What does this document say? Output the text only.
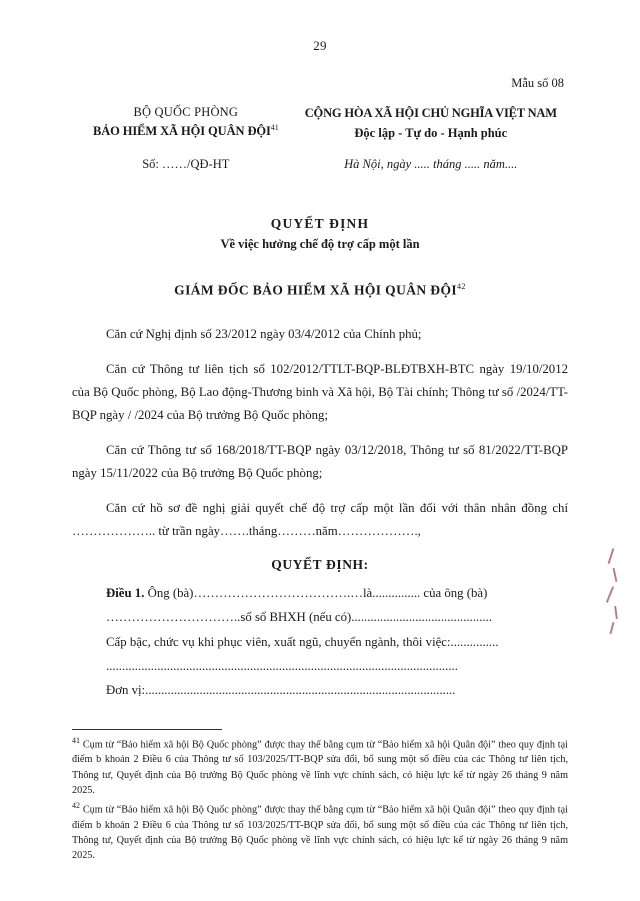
29
Mẫu số 08
BỘ QUỐC PHÒNG
BẢO HIỂM XÃ HỘI QUÂN ĐỘI$^{41}$
CỘNG HÒA XÃ HỘI CHỦ NGHĨA VIỆT NAM
Độc lập - Tự do - Hạnh phúc
Số: ……/QĐ-HT	Hà Nội, ngày ..... tháng ..... năm....
QUYẾT ĐỊNH
Về việc hưởng chế độ trợ cấp một lần
GIÁM ĐỐC BẢO HIỂM XÃ HỘI QUÂN ĐỘI$^{42}$

Căn cứ Nghị định số 23/2012 ngày 03/4/2012 của Chính phủ;

Căn cứ Thông tư liên tịch số 102/2012/TTLT-BQP-BLĐTBXH-BTC ngày 19/10/2012 của Bộ Quốc phòng, Bộ Lao động-Thương binh và Xã hội, Bộ Tài chính; Thông tư số /2024/TT-BQP ngày / /2024 của Bộ trưởng Bộ Quốc phòng;

Căn cứ Thông tư số 168/2018/TT-BQP ngày 03/12/2018, Thông tư số 81/2022/TT-BQP ngày 15/11/2022 của Bộ trưởng Bộ Quốc phòng;

Căn cứ hồ sơ đề nghị giải quyết chế độ trợ cấp một lần đối với thân nhân đồng chí ……………….. từ trần ngày…….tháng………năm……………….,

QUYẾT ĐỊNH:
Điều 1. Ông (bà)……………………………….…là............... của ông (bà)
…………………………..số sổ BHXH (nếu có)............................................
Cấp bậc, chức vụ khi phục viên, xuất ngũ, chuyển ngành, thôi việc:...............
..............................................................................................................
Đơn vị:.................................................................................................

$^{41}$ Cụm từ “Bảo hiểm xã hội Bộ Quốc phòng” được thay thế bằng cụm từ “Bảo hiểm xã hội Quân đội” theo quy định tại điểm b khoản 2 Điều 6 của Thông tư số 103/2025/TT-BQP sửa đổi, bổ sung một số điều của các Thông tư liên tịch, Thông tư, Quyết định của Bộ trưởng Bộ Quốc phòng về lĩnh vực chính sách, có hiệu lực kể từ ngày 26 tháng 9 năm 2025.

$^{42}$ Cụm từ “Bảo hiểm xã hội Bộ Quốc phòng” được thay thế bằng cụm từ “Bảo hiểm xã hội Quân đội” theo quy định tại điểm b khoản 2 Điều 6 của Thông tư số 103/2025/TT-BQP sửa đổi, bổ sung một số điều của các Thông tư liên tịch, Thông tư, Quyết định của Bộ trưởng Bộ Quốc phòng về lĩnh vực chính sách, có hiệu lực kể từ ngày 26 tháng 9 năm 2025.
